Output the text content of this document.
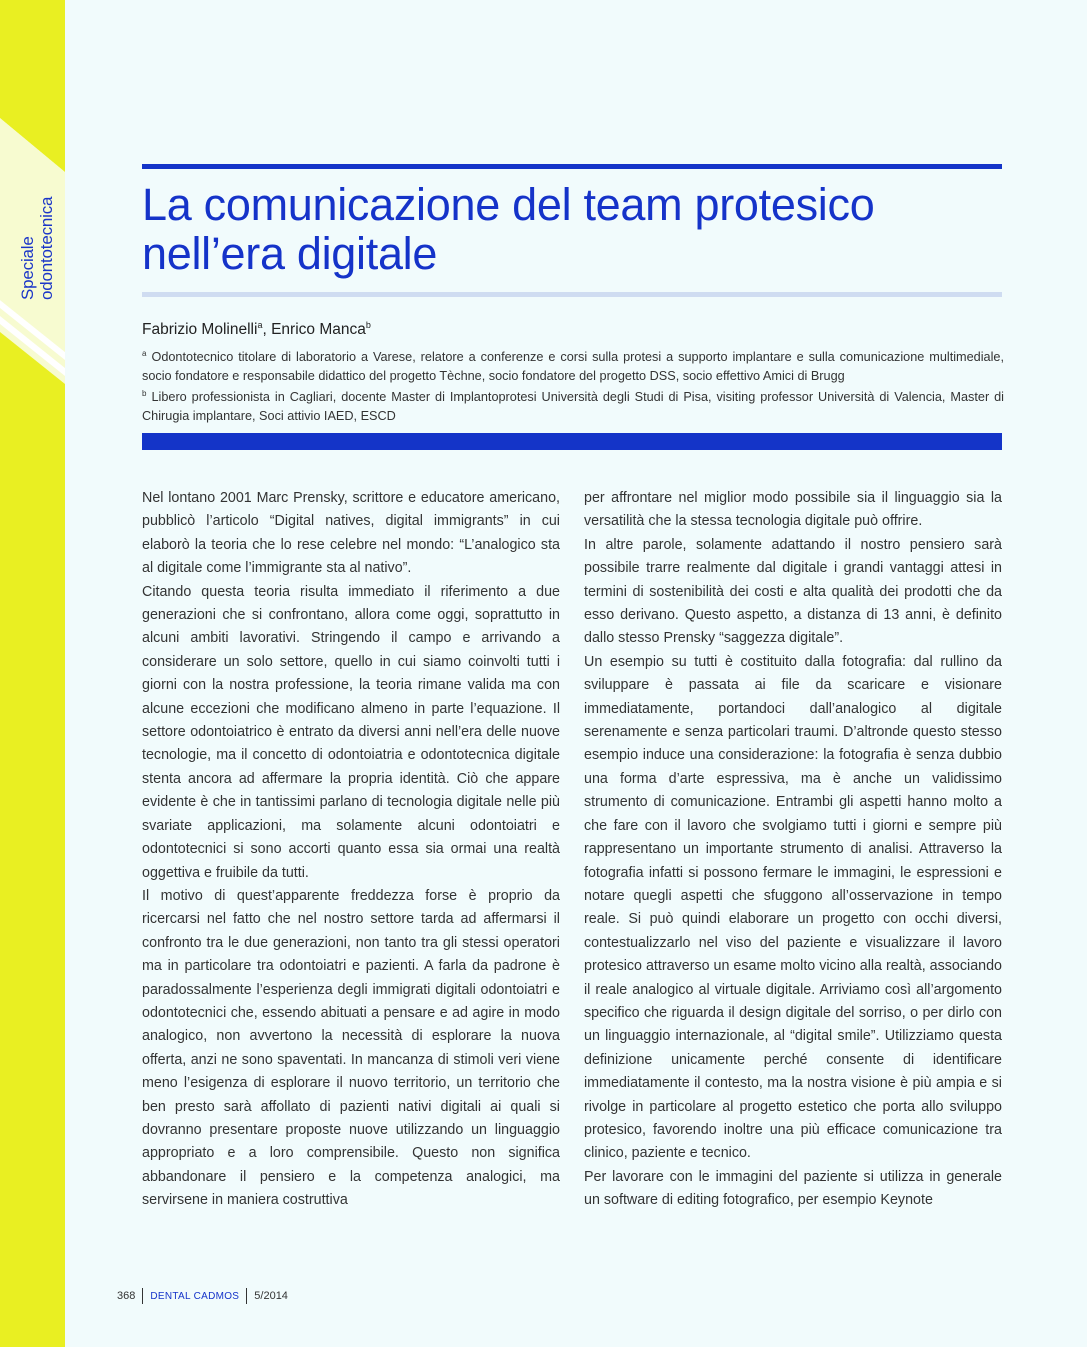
Speciale odontotecnica La comunicazione del team protesico
nell’era digitale
Fabrizio Molinelli$^a$, Enrico Manca$^b$

$^a$ Odontotecnico titolare di laboratorio a Varese, relatore a conferenze e corsi sulla protesi a supporto implantare e sulla comunicazione multimediale, socio fondatore e responsabile didattico del progetto Tèchne, socio fondatore del progetto DSS, socio effettivo Amici di Brugg

$^b$ Libero professionista in Cagliari, docente Master di Implantoprotesi Università degli Studi di Pisa, visiting professor Università di Valencia, Master di Chirugia implantare, Soci attivio IAED, ESCD

Nel lontano 2001 Marc Prensky, scrittore e educatore americano, pubblicò l’articolo “Digital natives, digital immigrants” in cui elaborò la teoria che lo rese celebre nel mondo: “L’analogico sta al digitale come l’immigrante sta al nativo”.

Citando questa teoria risulta immediato il riferimento a due generazioni che si confrontano, allora come oggi, soprattutto in alcuni ambiti lavorativi. Stringendo il campo e arrivando a considerare un solo settore, quello in cui siamo coinvolti tutti i giorni con la nostra professione, la teoria rimane valida ma con alcune eccezioni che modificano almeno in parte l’equazione. Il settore odontoiatrico è entrato da diversi anni nell’era delle nuove tecnologie, ma il concetto di odontoiatria e odontotecnica digitale stenta ancora ad affermare la propria identità. Ciò che appare evidente è che in tantissimi parlano di tecnologia digitale nelle più svariate applicazioni, ma solamente alcuni odontoiatri e odontotecnici si sono accorti quanto essa sia ormai una realtà oggettiva e fruibile da tutti.

Il motivo di quest’apparente freddezza forse è proprio da ricercarsi nel fatto che nel nostro settore tarda ad affermarsi il confronto tra le due generazioni, non tanto tra gli stessi operatori ma in particolare tra odontoiatri e pazienti. A farla da padrone è paradossalmente l’esperienza degli immigrati digitali odontoiatri e odontotecnici che, essendo abituati a pensare e ad agire in modo analogico, non avvertono la necessità di esplorare la nuova offerta, anzi ne sono spaventati. In mancanza di stimoli veri viene meno l’esigenza di esplorare il nuovo territorio, un territorio che ben presto sarà affollato di pazienti nativi digitali ai quali si dovranno presentare proposte nuove utilizzando un linguaggio appropriato e a loro comprensibile. Questo non significa abbandonare il pensiero e la competenza analogici, ma servirsene in maniera costruttiva

per affrontare nel miglior modo possibile sia il linguaggio sia la versatilità che la stessa tecnologia digitale può offrire.

In altre parole, solamente adattando il nostro pensiero sarà possibile trarre realmente dal digitale i grandi vantaggi attesi in termini di sostenibilità dei costi e alta qualità dei prodotti che da esso derivano. Questo aspetto, a distanza di 13 anni, è definito dallo stesso Prensky “saggezza digitale”.

Un esempio su tutti è costituito dalla fotografia: dal rullino da sviluppare è passata ai file da scaricare e visionare immediatamente, portandoci dall’analogico al digitale serenamente e senza particolari traumi. D’altronde questo stesso esempio induce una considerazione: la fotografia è senza dubbio una forma d’arte espressiva, ma è anche un validissimo strumento di comunicazione. Entrambi gli aspetti hanno molto a che fare con il lavoro che svolgiamo tutti i giorni e sempre più rappresentano un importante strumento di analisi. Attraverso la fotografia infatti si possono fermare le immagini, le espressioni e notare quegli aspetti che sfuggono all’osservazione in tempo reale. Si può quindi elaborare un progetto con occhi diversi, contestualizzarlo nel viso del paziente e visualizzare il lavoro protesico attraverso un esame molto vicino alla realtà, associando il reale analogico al virtuale digitale. Arriviamo così all’argomento specifico che riguarda il design digitale del sorriso, o per dirlo con un linguaggio internazionale, al “digital smile”. Utilizziamo questa definizione unicamente perché consente di identificare immediatamente il contesto, ma la nostra visione è più ampia e si rivolge in particolare al progetto estetico che porta allo sviluppo protesico, favorendo inoltre una più efficace comunicazione tra clinico, paziente e tecnico.

Per lavorare con le immagini del paziente si utilizza in generale un software di editing fotografico, per esempio Keynote

368 DENTAL CADMOS 5/2014
